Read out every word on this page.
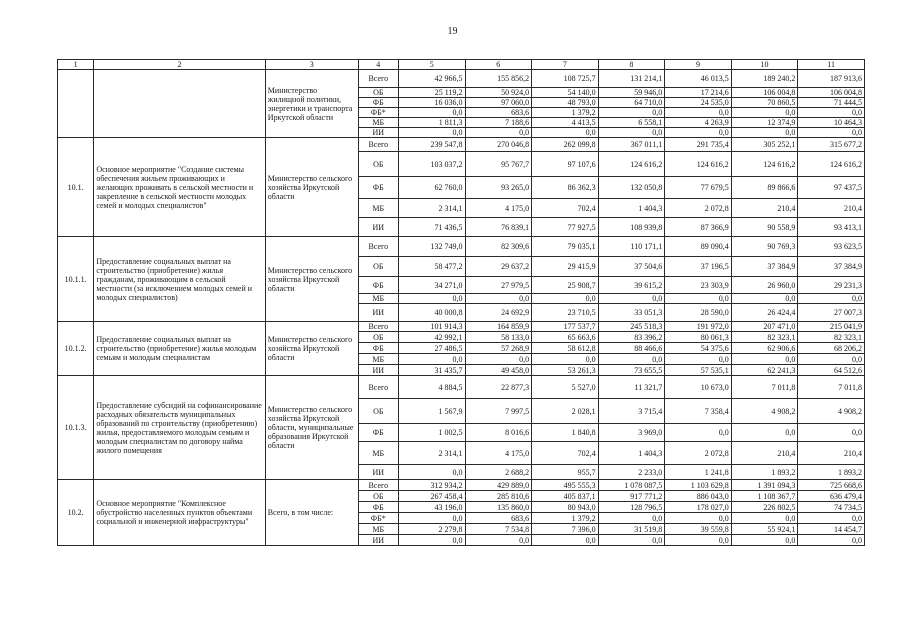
19
1	2	3	4	5	6	7	8	9	10	11
		Министерство жилищной политики, энергетики и транспорта Иркутской области	Всего	42 966,5	155 856,2	108 725,7	131 214,1	46 013,5	189 240,2	187 913,6
			ОБ	25 119,2	50 924,0	54 140,0	59 946,0	17 214,6	106 004,8	106 004,8
			ФБ	16 036,0	97 060,0	48 793,0	64 710,0	24 535,0	70 860,5	71 444,5
			ФБ*	0,0	683,6	1 379,2	0,0	0,0	0,0	0,0
			МБ	1 811,3	7 188,6	4 413,5	6 558,1	4 263,9	12 374,9	10 464,3
			ИИ	0,0	0,0	0,0	0,0	0,0	0,0	0,0
10.1.	Основное мероприятие "Создание системы обеспечения жильем проживающих и желающих проживать в сельской местности и закрепление в сельской местности молодых семей и молодых специалистов"	Министерство сельского хозяйства Иркутской области	Всего	239 547,8	270 046,8	262 099,8	367 011,1	291 735,4	305 252,1	315 677,2
			ОБ	103 037,2	95 767,7	97 107,6	124 616,2	124 616,2	124 616,2	124 616,2
			ФБ	62 760,0	93 265,0	86 362,3	132 050,8	77 679,5	89 866,6	97 437,5
			МБ	2 314,1	4 175,0	702,4	1 404,3	2 072,8	210,4	210,4
			ИИ	71 436,5	76 839,1	77 927,5	108 939,8	87 366,9	90 558,9	93 413,1
10.1.1.	Предоставление социальных выплат на строительство (приобретение) жилья гражданам, проживающим в сельской местности (за исключением молодых семей и молодых специалистов)	Министерство сельского хозяйства Иркутской области	Всего	132 749,0	82 309,6	79 035,1	110 171,1	89 090,4	90 769,3	93 623,5
			ОБ	58 477,2	29 637,2	29 415,9	37 504,6	37 196,5	37 384,9	37 384,9
			ФБ	34 271,0	27 979,5	25 908,7	39 615,2	23 303,9	26 960,0	29 231,3
			МБ	0,0	0,0	0,0	0,0	0,0	0,0	0,0
			ИИ	40 000,8	24 692,9	23 710,5	33 051,3	28 590,0	26 424,4	27 007,3
10.1.2.	Предоставление социальных выплат на строительство (приобретение) жилья молодым семьям и молодым специалистам	Министерство сельского хозяйства Иркутской области	Всего	101 914,3	164 859,9	177 537,7	245 518,3	191 972,0	207 471,0	215 041,9
			ОБ	42 992,1	58 133,0	65 663,6	83 396,2	80 061,3	82 323,1	82 323,1
			ФБ	27 486,5	57 268,9	58 612,8	88 466,6	54 375,6	62 906,6	68 206,2
			МБ	0,0	0,0	0,0	0,0	0,0	0,0	0,0
			ИИ	31 435,7	49 458,0	53 261,3	73 655,5	57 535,1	62 241,3	64 512,6
10.1.3.	Предоставление субсидий на софинансирование расходных обязательств муниципальных образований по строительству (приобретению) жилья, предоставляемого молодым семьям и молодым специалистам по договору найма жилого помещения	Министерство сельского хозяйства Иркутской области, муниципальные образования Иркутской области	Всего	4 884,5	22 877,3	5 527,0	11 321,7	10 673,0	7 011,8	7 011,8
			ОБ	1 567,9	7 997,5	2 028,1	3 715,4	7 358,4	4 908,2	4 908,2
			ФБ	1 002,5	8 016,6	1 840,8	3 969,0	0,0	0,0	0,0
			МБ	2 314,1	4 175,0	702,4	1 404,3	2 072,8	210,4	210,4
			ИИ	0,0	2 688,2	955,7	2 233,0	1 241,8	1 893,2	1 893,2
10.2.	Основное мероприятие "Комплексное обустройство населенных пунктов объектами социальной и инженерной инфраструктуры"	Всего, в том числе:	Всего	312 934,2	429 889,0	495 555,3	1 078 087,5	1 103 629,8	1 391 094,3	725 668,6
			ОБ	267 458,4	285 810,6	405 837,1	917 771,2	886 043,0	1 108 367,7	636 479,4
			ФБ	43 196,0	135 860,0	80 943,0	128 796,5	178 027,0	226 802,5	74 734,5
			ФБ*	0,0	683,6	1 379,2	0,0	0,0	0,0	0,0
			МБ	2 279,8	7 534,8	7 396,0	31 519,8	39 559,8	55 924,1	14 454,7
			ИИ	0,0	0,0	0,0	0,0	0,0	0,0	0,0
